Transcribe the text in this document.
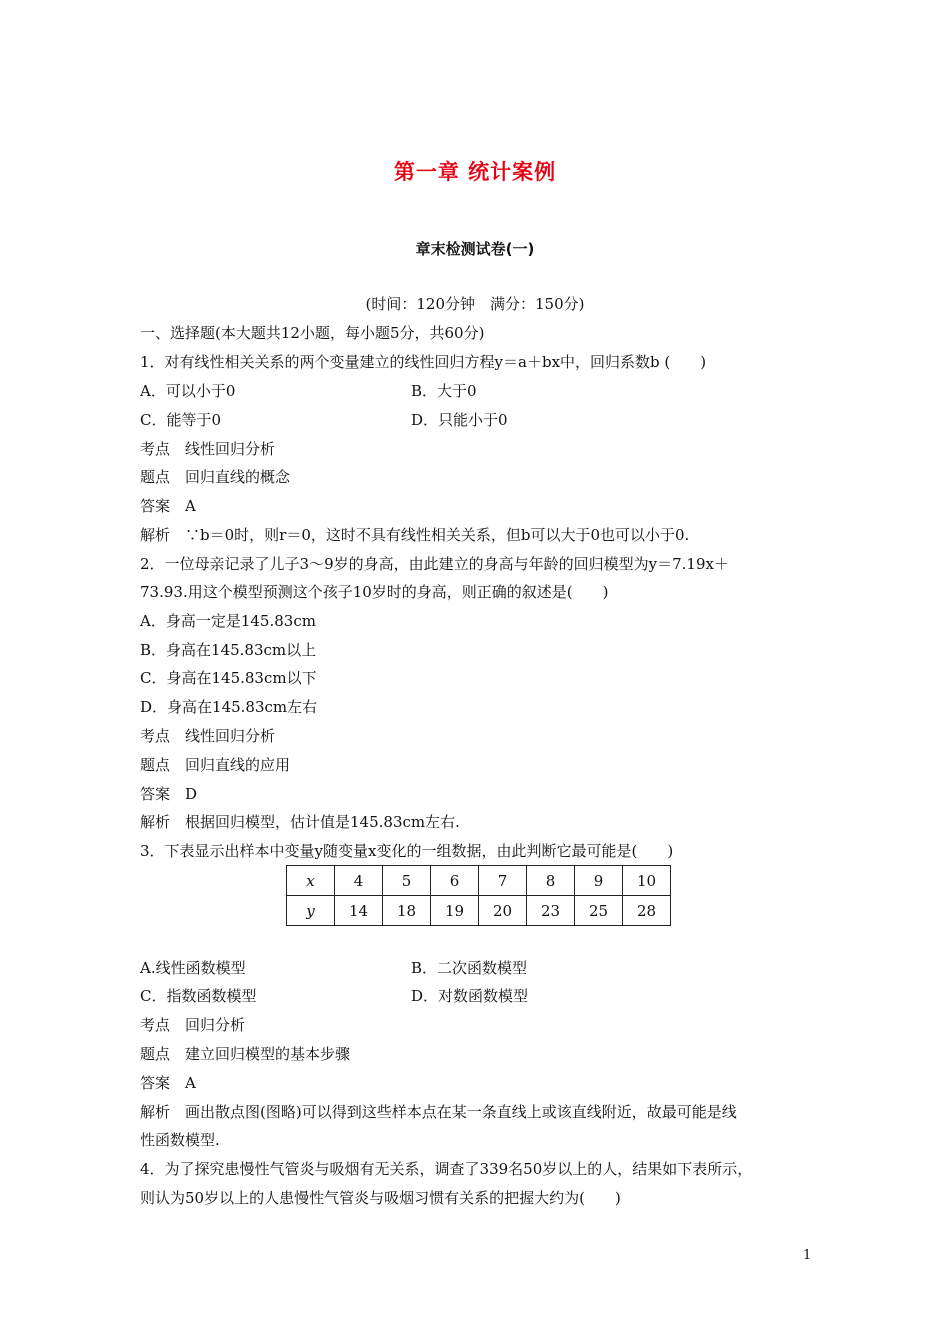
第一章 统计案例
章末检测试卷(一)
(时间：120分钟　满分：150分)
一、选择题(本大题共12小题，每小题5分，共60分)
1．对有线性相关关系的两个变量建立的线性回归方程y＝a＋bx中，回归系数b (　　)
A．可以小于0	B．大于0
C．能等于0	D．只能小于0
考点　线性回归分析
题点　回归直线的概念
答案　A
解析　∵b＝0时，则r＝0，这时不具有线性相关关系，但b可以大于0也可以小于0.
2．一位母亲记录了儿子3～9岁的身高，由此建立的身高与年龄的回归模型为y＝7.19x＋
73.93.用这个模型预测这个孩子10岁时的身高，则正确的叙述是(　　)
A．身高一定是145.83cm
B．身高在145.83cm以上
C．身高在145.83cm以下
D．身高在145.83cm左右
考点　线性回归分析
题点　回归直线的应用
答案　D
解析　根据回归模型，估计值是145.83cm左右.
3．下表显示出样本中变量y随变量x变化的一组数据，由此判断它最可能是(　　)
x	4	5	6	7	8	9	10
y	14	18	19	20	23	25	28
A.线性函数模型	B．二次函数模型
C．指数函数模型	D．对数函数模型
考点　回归分析
题点　建立回归模型的基本步骤
答案　A
解析　画出散点图(图略)可以得到这些样本点在某一条直线上或该直线附近，故最可能是线
性函数模型.
4．为了探究患慢性气管炎与吸烟有无关系，调查了339名50岁以上的人，结果如下表所示，
则认为50岁以上的人患慢性气管炎与吸烟习惯有关系的把握大约为(　　)
1
